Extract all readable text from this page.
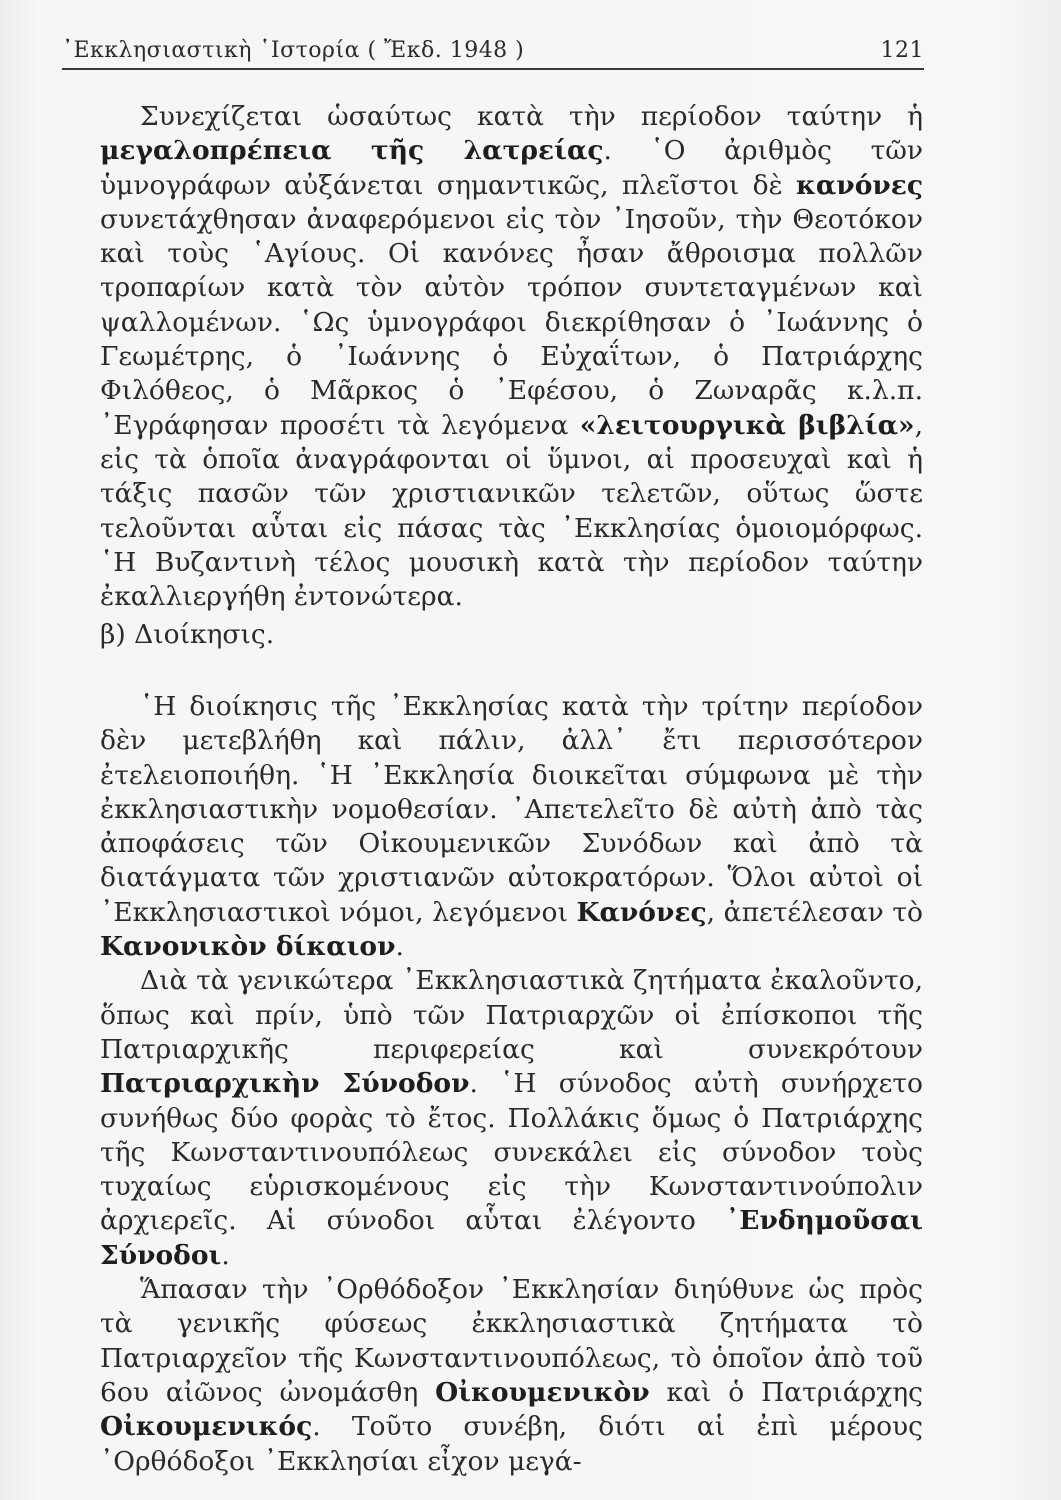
᾿Εκκλησιαστικὴ ῾Ιστορία ( Ἔκδ. 1948 )	121

Συνεχίζεται ὡσαύτως κατὰ τὴν περίοδον ταύτην ἡ μεγαλοπρέπεια τῆς λατρείας. ῾Ο ἀριθμὸς τῶν ὑμνογράφων αὐξάνεται σημαντικῶς, πλεῖστοι δὲ κανόνες συνετάχθησαν ἀναφερόμενοι εἰς τὸν ᾿Ιησοῦν, τὴν Θεοτόκον καὶ τοὺς ῾Αγίους. Οἱ κανόνες ἦσαν ἄθροισμα πολλῶν τροπαρίων κατὰ τὸν αὐτὸν τρόπον συντεταγμένων καὶ ψαλλομένων. ῾Ως ὑμνογράφοι διεκρίθησαν ὁ ᾿Ιωάννης ὁ Γεωμέτρης, ὁ ᾿Ιωάννης ὁ Εὐχαΐτων, ὁ Πατριάρχης Φιλόθεος, ὁ Μᾶρκος ὁ ᾿Εφέσου, ὁ Ζωναρᾶς κ.λ.π. ᾿Εγράφησαν προσέτι τὰ λεγόμενα «λειτουργικὰ βιβλία», εἰς τὰ ὁποῖα ἀναγράφονται οἱ ὕμνοι, αἱ προσευχαὶ καὶ ἡ τάξις πασῶν τῶν χριστιανικῶν τελετῶν, οὕτως ὥστε τελοῦνται αὗται εἰς πάσας τὰς ᾿Εκκλησίας ὁμοιομόρφως. ῾Η Βυζαντινὴ τέλος μουσικὴ κατὰ τὴν περίοδον ταύτην ἐκαλλιεργήθη ἐντονώτερα.

β) Διοίκησις.

῾Η διοίκησις τῆς ᾿Εκκλησίας κατὰ τὴν τρίτην περίοδον δὲν μετεβλήθη καὶ πάλιν, ἀλλ᾿ ἔτι περισσότερον ἐτελειοποιήθη. ῾Η ᾿Εκκλησία διοικεῖται σύμφωνα μὲ τὴν ἐκκλησιαστικὴν νομοθεσίαν. ᾿Απετελεῖτο δὲ αὐτὴ ἀπὸ τὰς ἀποφάσεις τῶν Οἰκουμενικῶν Συνόδων καὶ ἀπὸ τὰ διατάγματα τῶν χριστιανῶν αὐτοκρατόρων. Ὅλοι αὐτοὶ οἱ ᾿Εκκλησιαστικοὶ νόμοι, λεγόμενοι Κανόνες, ἀπετέλεσαν τὸ Κανονικὸν δίκαιον.

Διὰ τὰ γενικώτερα ᾿Εκκλησιαστικὰ ζητήματα ἐκαλοῦντο, ὅπως καὶ πρίν, ὑπὸ τῶν Πατριαρχῶν οἱ ἐπίσκοποι τῆς Πατριαρχικῆς περιφερείας καὶ συνεκρότουν Πατριαρχικὴν Σύνοδον. ῾Η σύνοδος αὐτὴ συνήρχετο συνήθως δύο φορὰς τὸ ἔτος. Πολλάκις ὅμως ὁ Πατριάρχης τῆς Κωνσταντινουπόλεως συνεκάλει εἰς σύνοδον τοὺς τυχαίως εὑρισκομένους εἰς τὴν Κωνσταντινούπολιν ἀρχιερεῖς. Αἱ σύνοδοι αὗται ἐλέγοντο ᾿Ενδημοῦσαι Σύνοδοι.

Ἅπασαν τὴν ᾿Ορθόδοξον ᾿Εκκλησίαν διηύθυνε ὡς πρὸς τὰ γενικῆς φύσεως ἐκκλησιαστικὰ ζητήματα τὸ Πατριαρχεῖον τῆς Κωνσταντινουπόλεως, τὸ ὁποῖον ἀπὸ τοῦ 6ου αἰῶνος ὠνομάσθη Οἰκουμενικὸν καὶ ὁ Πατριάρχης Οἰκουμενικός. Τοῦτο συνέβη, διότι αἱ ἐπὶ μέρους ᾿Ορθόδοξοι ᾿Εκκλησίαι εἶχον μεγά-
